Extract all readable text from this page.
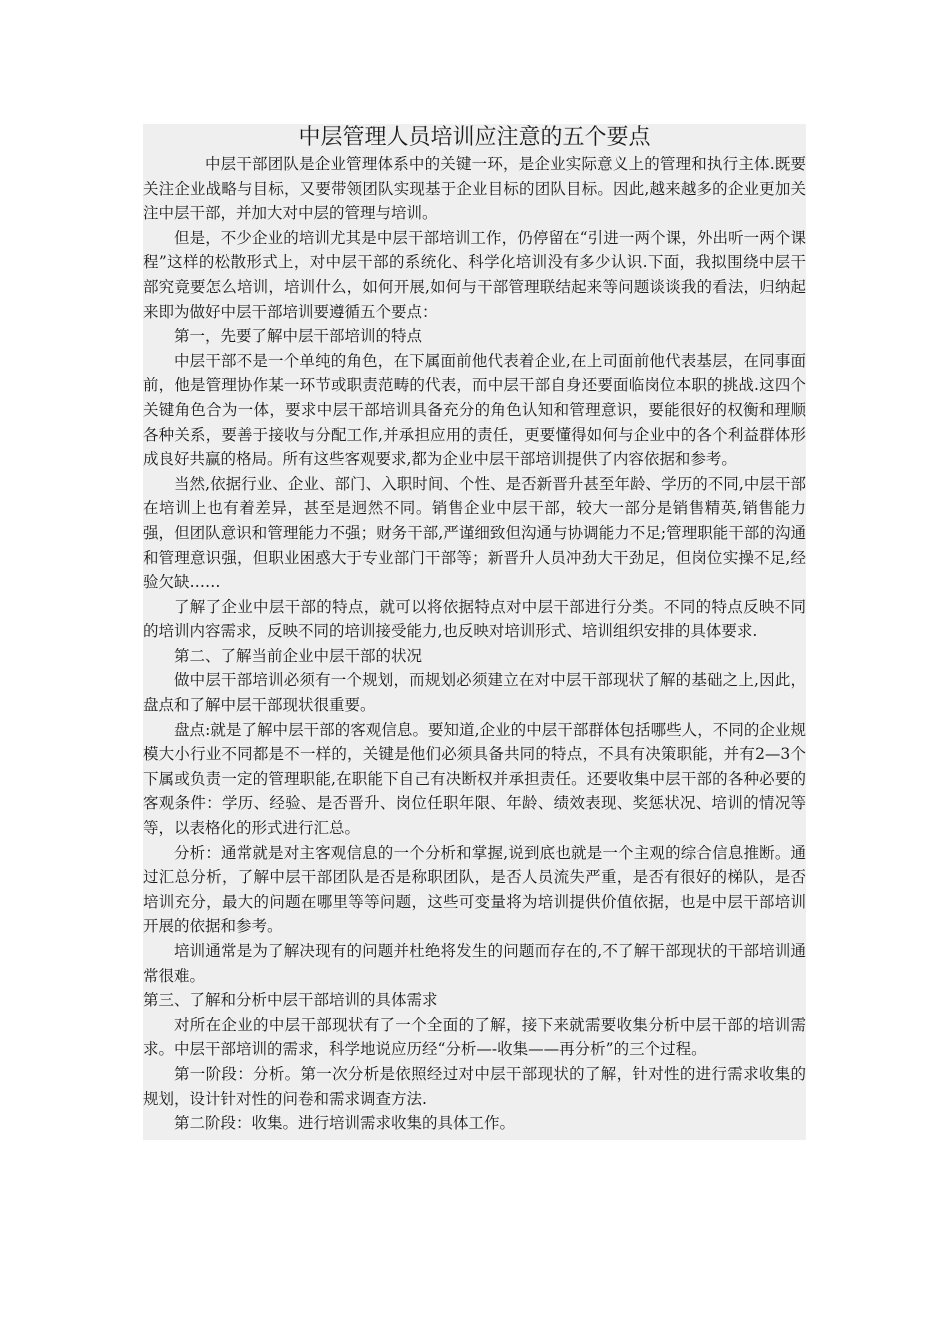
中层管理人员培训应注意的五个要点

中层干部团队是企业管理体系中的关键一环，是企业实际意义上的管理和执行主体.既要关注企业战略与目标，又要带领团队实现基于企业目标的团队目标。因此,越来越多的企业更加关注中层干部，并加大对中层的管理与培训。

但是，不少企业的培训尤其是中层干部培训工作，仍停留在“引进一两个课，外出听一两个课程”这样的松散形式上，对中层干部的系统化、科学化培训没有多少认识.下面，我拟围绕中层干部究竟要怎么培训，培训什么，如何开展,如何与干部管理联结起来等问题谈谈我的看法，归纳起来即为做好中层干部培训要遵循五个要点：

第一，先要了解中层干部培训的特点

中层干部不是一个单纯的角色，在下属面前他代表着企业,在上司面前他代表基层，在同事面前，他是管理协作某一环节或职责范畴的代表，而中层干部自身还要面临岗位本职的挑战.这四个关键角色合为一体，要求中层干部培训具备充分的角色认知和管理意识，要能很好的权衡和理顺各种关系，要善于接收与分配工作,并承担应用的责任，更要懂得如何与企业中的各个利益群体形成良好共赢的格局。所有这些客观要求,都为企业中层干部培训提供了内容依据和参考。

当然,依据行业、企业、部门、入职时间、个性、是否新晋升甚至年龄、学历的不同,中层干部在培训上也有着差异，甚至是迥然不同。销售企业中层干部，较大一部分是销售精英,销售能力强，但团队意识和管理能力不强；财务干部,严谨细致但沟通与协调能力不足;管理职能干部的沟通和管理意识强，但职业困惑大于专业部门干部等；新晋升人员冲劲大干劲足，但岗位实操不足,经验欠缺……

了解了企业中层干部的特点，就可以将依据特点对中层干部进行分类。不同的特点反映不同的培训内容需求，反映不同的培训接受能力,也反映对培训形式、培训组织安排的具体要求.

第二、了解当前企业中层干部的状况

做中层干部培训必须有一个规划，而规划必须建立在对中层干部现状了解的基础之上,因此，盘点和了解中层干部现状很重要。

盘点:就是了解中层干部的客观信息。要知道,企业的中层干部群体包括哪些人，不同的企业规模大小行业不同都是不一样的，关键是他们必须具备共同的特点，不具有决策职能，并有2—3个下属或负责一定的管理职能,在职能下自己有决断权并承担责任。还要收集中层干部的各种必要的客观条件：学历、经验、是否晋升、岗位任职年限、年龄、绩效表现、奖惩状况、培训的情况等等，以表格化的形式进行汇总。

分析：通常就是对主客观信息的一个分析和掌握,说到底也就是一个主观的综合信息推断。通过汇总分析，了解中层干部团队是否是称职团队，是否人员流失严重，是否有很好的梯队，是否培训充分，最大的问题在哪里等等问题，这些可变量将为培训提供价值依据，也是中层干部培训开展的依据和参考。

培训通常是为了解决现有的问题并杜绝将发生的问题而存在的,不了解干部现状的干部培训通常很难。

第三、了解和分析中层干部培训的具体需求

对所在企业的中层干部现状有了一个全面的了解，接下来就需要收集分析中层干部的培训需求。中层干部培训的需求，科学地说应历经“分析—-收集——再分析”的三个过程。

第一阶段：分析。第一次分析是依照经过对中层干部现状的了解，针对性的进行需求收集的规划，设计针对性的问卷和需求调查方法.

第二阶段：收集。进行培训需求收集的具体工作。
